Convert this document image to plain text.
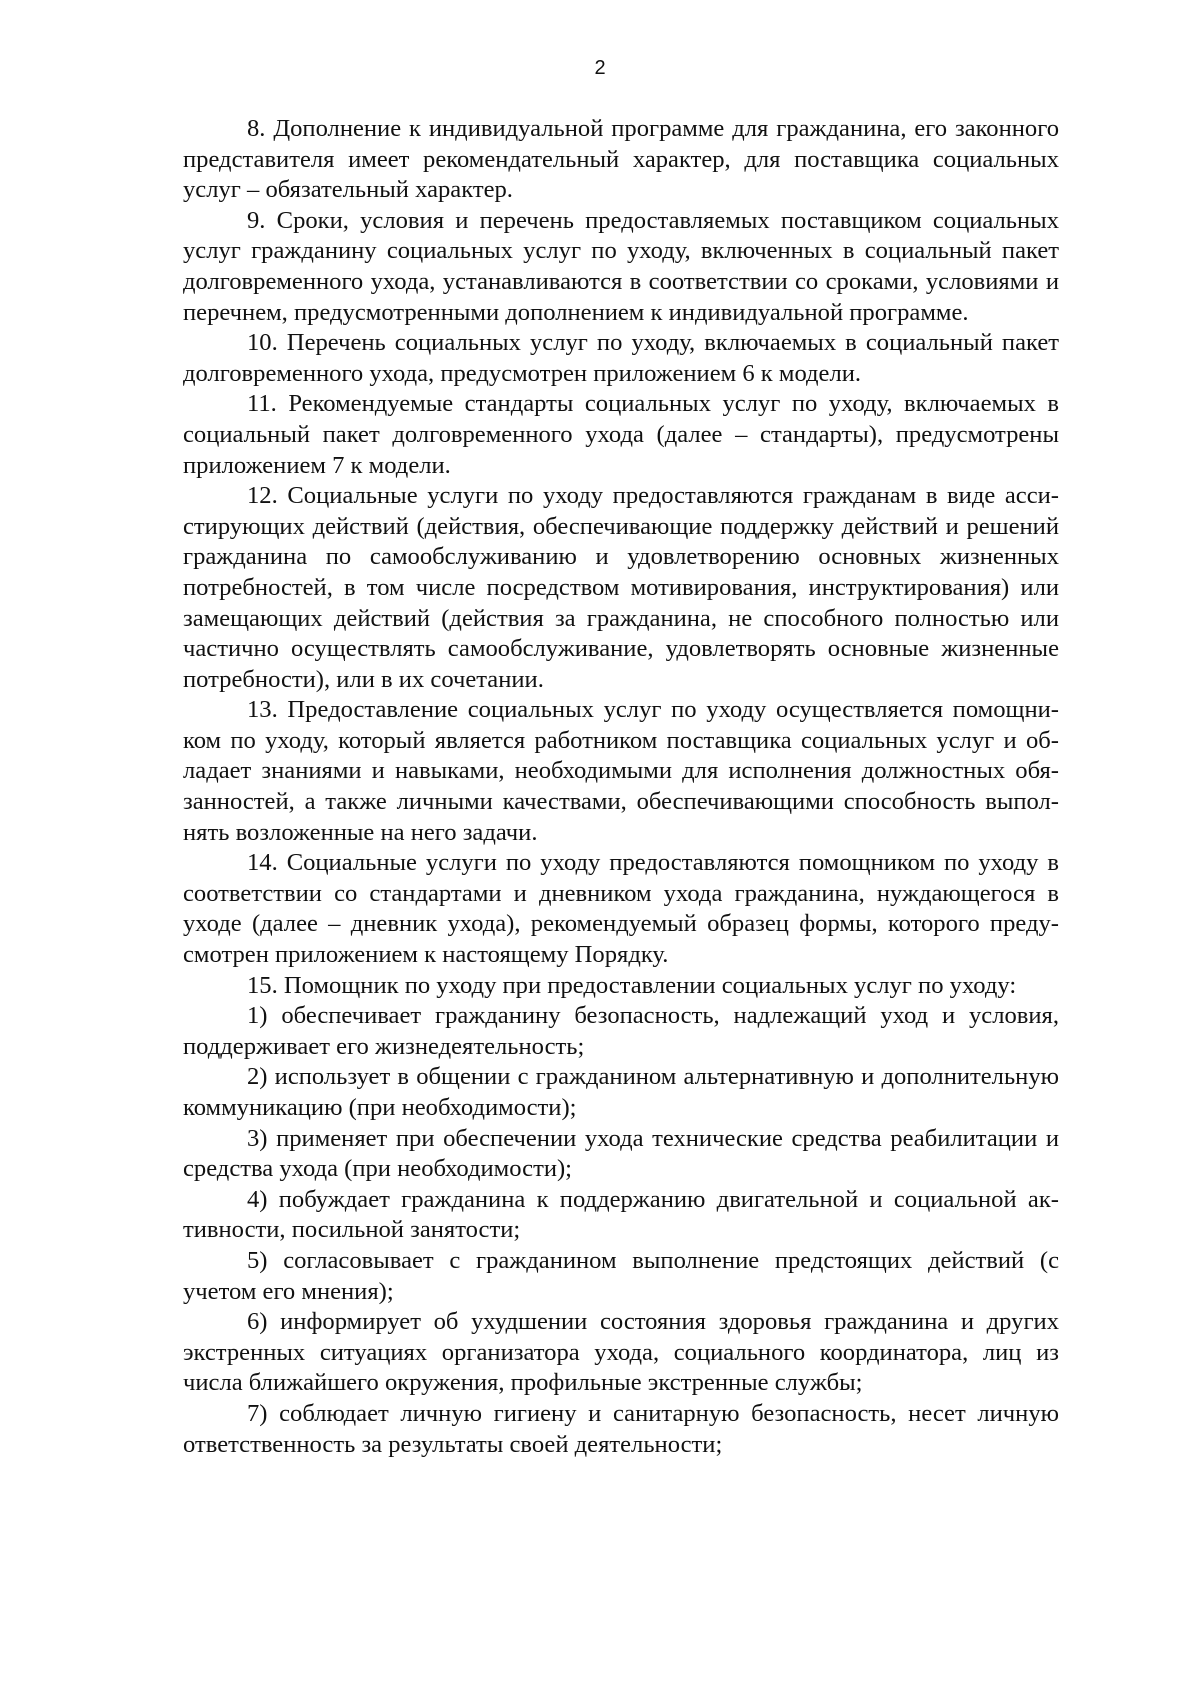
2

8. Дополнение к индивидуальной программе для гражданина, его законного представителя имеет рекомендательный характер, для поставщика социальных услуг – обязательный характер.

9. Сроки, условия и перечень предоставляемых поставщиком социальных услуг гражданину социальных услуг по уходу, включенных в социальный пакет долговременного ухода, устанавливаются в соответствии со сроками, условиями и перечнем, предусмотренными дополнением к индивидуальной программе.

10. Перечень социальных услуг по уходу, включаемых в социальный пакет долговременного ухода, предусмотрен приложением 6 к модели.

11. Рекомендуемые стандарты социальных услуг по уходу, включаемых в социальный пакет долговременного ухода (далее – стандарты), предусмотрены приложением 7 к модели.

12. Социальные услуги по уходу предоставляются гражданам в виде ассистирующих действий (действия, обеспечивающие поддержку действий и решений гражданина по самообслуживанию и удовлетворению основных жизненных потребностей, в том числе посредством мотивирования, инструктирования) или замещающих действий (действия за гражданина, не способного полностью или частично осуществлять самообслуживание, удовлетворять основные жизненные потребности), или в их сочетании.

13. Предоставление социальных услуг по уходу осуществляется помощником по уходу, который является работником поставщика социальных услуг и обладает знаниями и навыками, необходимыми для исполнения должностных обязанностей, а также личными качествами, обеспечивающими способность выполнять возложенные на него задачи.

14. Социальные услуги по уходу предоставляются помощником по уходу в соответствии со стандартами и дневником ухода гражданина, нуждающегося в уходе (далее – дневник ухода), рекомендуемый образец формы, которого предусмотрен приложением к настоящему Порядку.

15. Помощник по уходу при предоставлении социальных услуг по уходу:

1) обеспечивает гражданину безопасность, надлежащий уход и условия, поддерживает его жизнедеятельность;

2) использует в общении с гражданином альтернативную и дополнительную коммуникацию (при необходимости);

3) применяет при обеспечении ухода технические средства реабилитации и средства ухода (при необходимости);

4) побуждает гражданина к поддержанию двигательной и социальной активности, посильной занятости;

5) согласовывает с гражданином выполнение предстоящих действий (с учетом его мнения);

6) информирует об ухудшении состояния здоровья гражданина и других экстренных ситуациях организатора ухода, социального координатора, лиц из числа ближайшего окружения, профильные экстренные службы;

7) соблюдает личную гигиену и санитарную безопасность, несет личную ответственность за результаты своей деятельности;
